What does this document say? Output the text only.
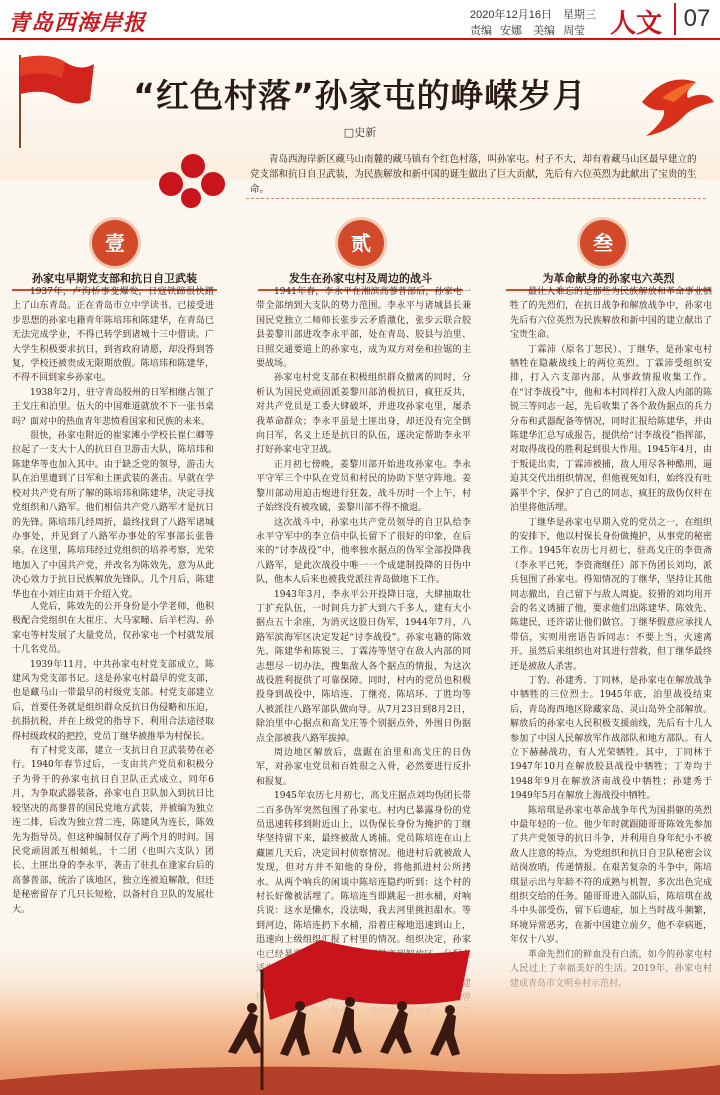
青岛西海岸报	2020年12月16日 星期三
责编 安娜 美编 周莹 人文 07
“红色村落”孙家屯的峥嵘岁月
□史新
青岛西海岸新区藏马山南麓的藏马镇有个红色村落，叫孙家屯。村子不大，却有着藏马山区最早建立的党支部和抗日自卫武装，为民族解放和新中国的诞生做出了巨大贡献，先后有六位英烈为此献出了宝贵的生命。
壹	贰	叁
孙家屯早期党支部和抗日自卫武装	发生在孙家屯村及周边的战斗	为革命献身的孙家屯六英烈

1937年，卢沟桥事变爆发，日寇铁蹄很快踏上了山东青岛。正在青岛市立中学读书、已接受进步思想的孙家屯籍青年陈培玮和陈建华，在青岛已无法完成学业，不得已转学到诸城十三中借读。广大学生积极要求抗日，到省政府请愿，却没得到答复，学校还被贵成无限期放假。陈培玮和陈建华，不得不回到家乡孙家屯。

1938年2月，驻守青岛胶州的日军相继占领了王戈庄和泊里。伍大的中国难道就放不下一张书桌吗？面对中的热血青年悲愤看国家和民族的未来。

很快，孙家屯附近的崔家滩小学校长崔仁卿等拉起了一支大十人的抗日自卫游击大队，陈培玮和陈建华等也加入其中。由于缺乏党的领导，游击大队在泊里遭到了日军和土匪武装的袭击。早就在学校对共产党有所了解的陈培玮和陈建华，决定寻找党组织和八路军。他们相信共产党八路军才是抗日的先锋。陈培玮几经周折，最终找到了八路军诸城办事处，并见到了八路军办事处的军事部长张鲁泉。在这里，陈培玮经过党组织的培养考察，光荣地加入了中国共产党，并改名为陈效先，意为从此决心效力于抗日民族解放先锋队。几个月后，陈建华也在小刘庄由刘干介绍入党。

人党后，陈效先的公开身份是小学老师，他积极配合党组织在大崔庄、大马家疃、后羊栏沟、孙家屯等村发展了大量党员，仅孙家屯一个村就发展十几名党员。

1939年11月，中共孙家屯村党支部成立，陈建风为党支部书记。这是孙家屯村最早的党支部，也是藏马山一带最早的村级党支部。村党支部建立后，首要任务就是组织群众反抗日伪侵略和压迫，抗捐抗税，并在上级党的指导下，利用合法途径取得村级政权的把控，党员丁继华被推举为村保长。

有了村党支部，建立一支抗日自卫武装势在必行。1940年春节过后，一支由共产党员和积极分子为骨干的孙家屯抗日自卫队正式成立，同年6月，为争取武器装备，孙家屯自卫队加入到抗日比较坚决的高蓼普的国民党地方武装，并被编为独立连二排，后改为独立营二连，陈建风为连长，陈效先为指导员。但这种编制仅存了两个月的时间。国民党顽固派互相倾轧，十二团（也叫六支队）团长、土匪出身的李永平，袭击了驻扎在逢家台后的高蓼普部，统治了该地区，独立连被迫解散，但还是秘密留存了几只长短枪，以备村自卫队的发展壮大。

1941年春，李永平在湘滨高蓼普部后，孙家屯一带全部纳到大支队的势力范围。李永平与诸城县长兼国民党独立二师师长张步云矛盾激化，张步云联合胶县姜黎川部进攻李永平部，处在青岛、胶县与泊里、日照交通要道上的孙家屯，成为双方对垒和拉锯的主要战场。

孙家屯村党支部在积极组织群众撤离的同时，分析认为国民党顽固派姜黎川部消极抗日，疯狂反共，对共产党员是工委大肆破坏，并进攻孙家屯里，屡杀我革命群众；李永平虽是土匪出身，却还没有完全倒向日军，名义上还是抗日的队伍，遂决定帮助李永平打好孙家屯守卫战。

正月初七傍晚，姜黎川部开始进攻孙家屯。李永平守军三个中队在党员和村民的协助下坚守阵地。姜黎川部动用迫击炮进行狂轰，战斗历时一个上午，村子始终没有被攻破，姜黎川部不得不撤退。

这次战斗中，孙家屯共产党员领导的自卫队给李永平守军中的李立信中队长留下了很好的印象，在后来的“讨李战役”中，他率独水据点的伪军全部投降我八路军，是此次战役中唯一一个成建制投降的日伪中队，他本人后来也被我党派往青岛做地下工作。

1943年3月，李永平公开投降日寇，大肆抽取壮丁扩充队伍，一时间兵力扩大到六千多人，建有大小据点五十余座，为消灭这股日伪军，1944年7月，八路军滨海军区决定发起“讨李战役”。孙家屯籍的陈效先、陈建华和陈锐三、丁霖涛等坚守在敌人内部的同志想尽一切办法，搜集敌人各个据点的情报，为这次战役胜利提供了可靠保障。同时，村内的党员也积极投身到战役中，陈培连、丁继亮、陈培环、丁胜均等人被派往八路军部队做向导。从7月23日到8月2日，除泊里中心据点和高戈庄等个别据点外，外围日伪据点全部被我八路军拔掉。

周边地区解放后，盘踞在泊里和高戈庄的日伪军，对孙家屯党员和百姓很之入骨，必然要进行反扑和报复。

1945年农历七月初七，高戈庄据点刘均伪团长带二百多伪军突然包围了孙家屯。村内已暴露身份的党员迅速转移到附近山上，以伪保长身份为掩护的丁继华坚持留下来，最终被敌人诱捕。党员陈培连在山上藏匿几天后，决定回村侦察情况。他进村后就被敌人发现，但对方并不知他的身份，将他抓进村公所拷水。从两个响兵的闲谈中陈培连隐约听到：这个村的村长好像被活埋了。陈培连当即跳起一担水桶，对响兵说：这水是懒水，没法喝，我去河里挑担甜水。等到河边，陈培连扔下水桶，沿着庄稼地迅速到山上，

最让人难忘的是那些为民族解放和革命事业牺牲了的先烈们，在抗日战争和解放战争中，孙家屯先后有六位英烈为民族解放和新中国的建立献出了宝贵生命。

丁霖沛（原名丁恕民）、丁继华，是孙家屯村牺牲在隐蔽战线上的两位英烈。丁霖沛受组织安排，打入六支部内部，从事政情报收集工作。在“讨李战役”中，他和本村同样打入敌人内部的陈锐三等同志一起，先后收集了各个敌伪据点的兵力分布和武器配备等情况，同时汇报给陈建华，并由陈建华汇总写成报告，提供给“讨李战役”指挥部，对取得战役的胜利起到很大作用。1945年4月，由于叛徒出卖，丁霖沛被捕，敌人用尽各种酷刑，逼迫其交代出组织情况，但他视死如归，始终没有吐露半个字，保护了自己的同志，疯狂的敌伪仅杆在泊里将他活埋。

丁继华是孙家屯早期入党的党员之一，在组织的安排下，他以村保长身份做掩护，从事党的秘密工作。1945年农历七月初七，驻高戈庄的李资斋（李永平已死，李资斋继任）部下伪团长刘均，派兵包围了孙家屯。得知情况的丁继华，坚持让其他同志撤出，自己留下与敌人周旋。狡猾的刘均用开会的名义诱捕了他，要求他们出陈建华、陈效先、陈建民，还许诺让他们做官。丁继华假意应承找人带信，实则用密语告诉同志：不要上当，火速离开。虽然后来组织也对其进行营救，但丁继华最终还是被敌人杀害。

丁豹、孙建秀、丁同林，是孙家屯在解放战争中牺牲的三位烈士。1945年底，泊里战役结束后，青岛海西地区除藏家岛、灵山岛外全部解放。解放后的孙家屯人民积极支援前线，先后有十几人参加了中国人民解放军作战部队和地方部队。有人立下赫赫战功，有人光荣牺牲。其中，丁同林于1947年10月在解放胶县战役中牺牲；丁寿均于1948年9月在解放济南战役中牺牲；孙建秀于1949年5月在解放上海战役中牺牲。

陈培琪是孙家屯革命战争年代为国捐躯的英烈中最年轻的一位。他少年时就跟随哥哥陈效先参加了共产党领导的抗日斗争，并利用自身年纪小不被敌人注意的特点，为党组织和抗日自卫队秘密会议站岗放哨，传递情报。在艰苦复杂的斗争中，陈培琪显示出与年龄不符的成熟与机智，多次出色完成组织交给的任务。随哥哥进入部队后，陈培琪在战斗中头部受伤，留下后遗症，加上当时战斗频繁，环境异常恶劣，在新中国建立前夕，他不幸病逝，
